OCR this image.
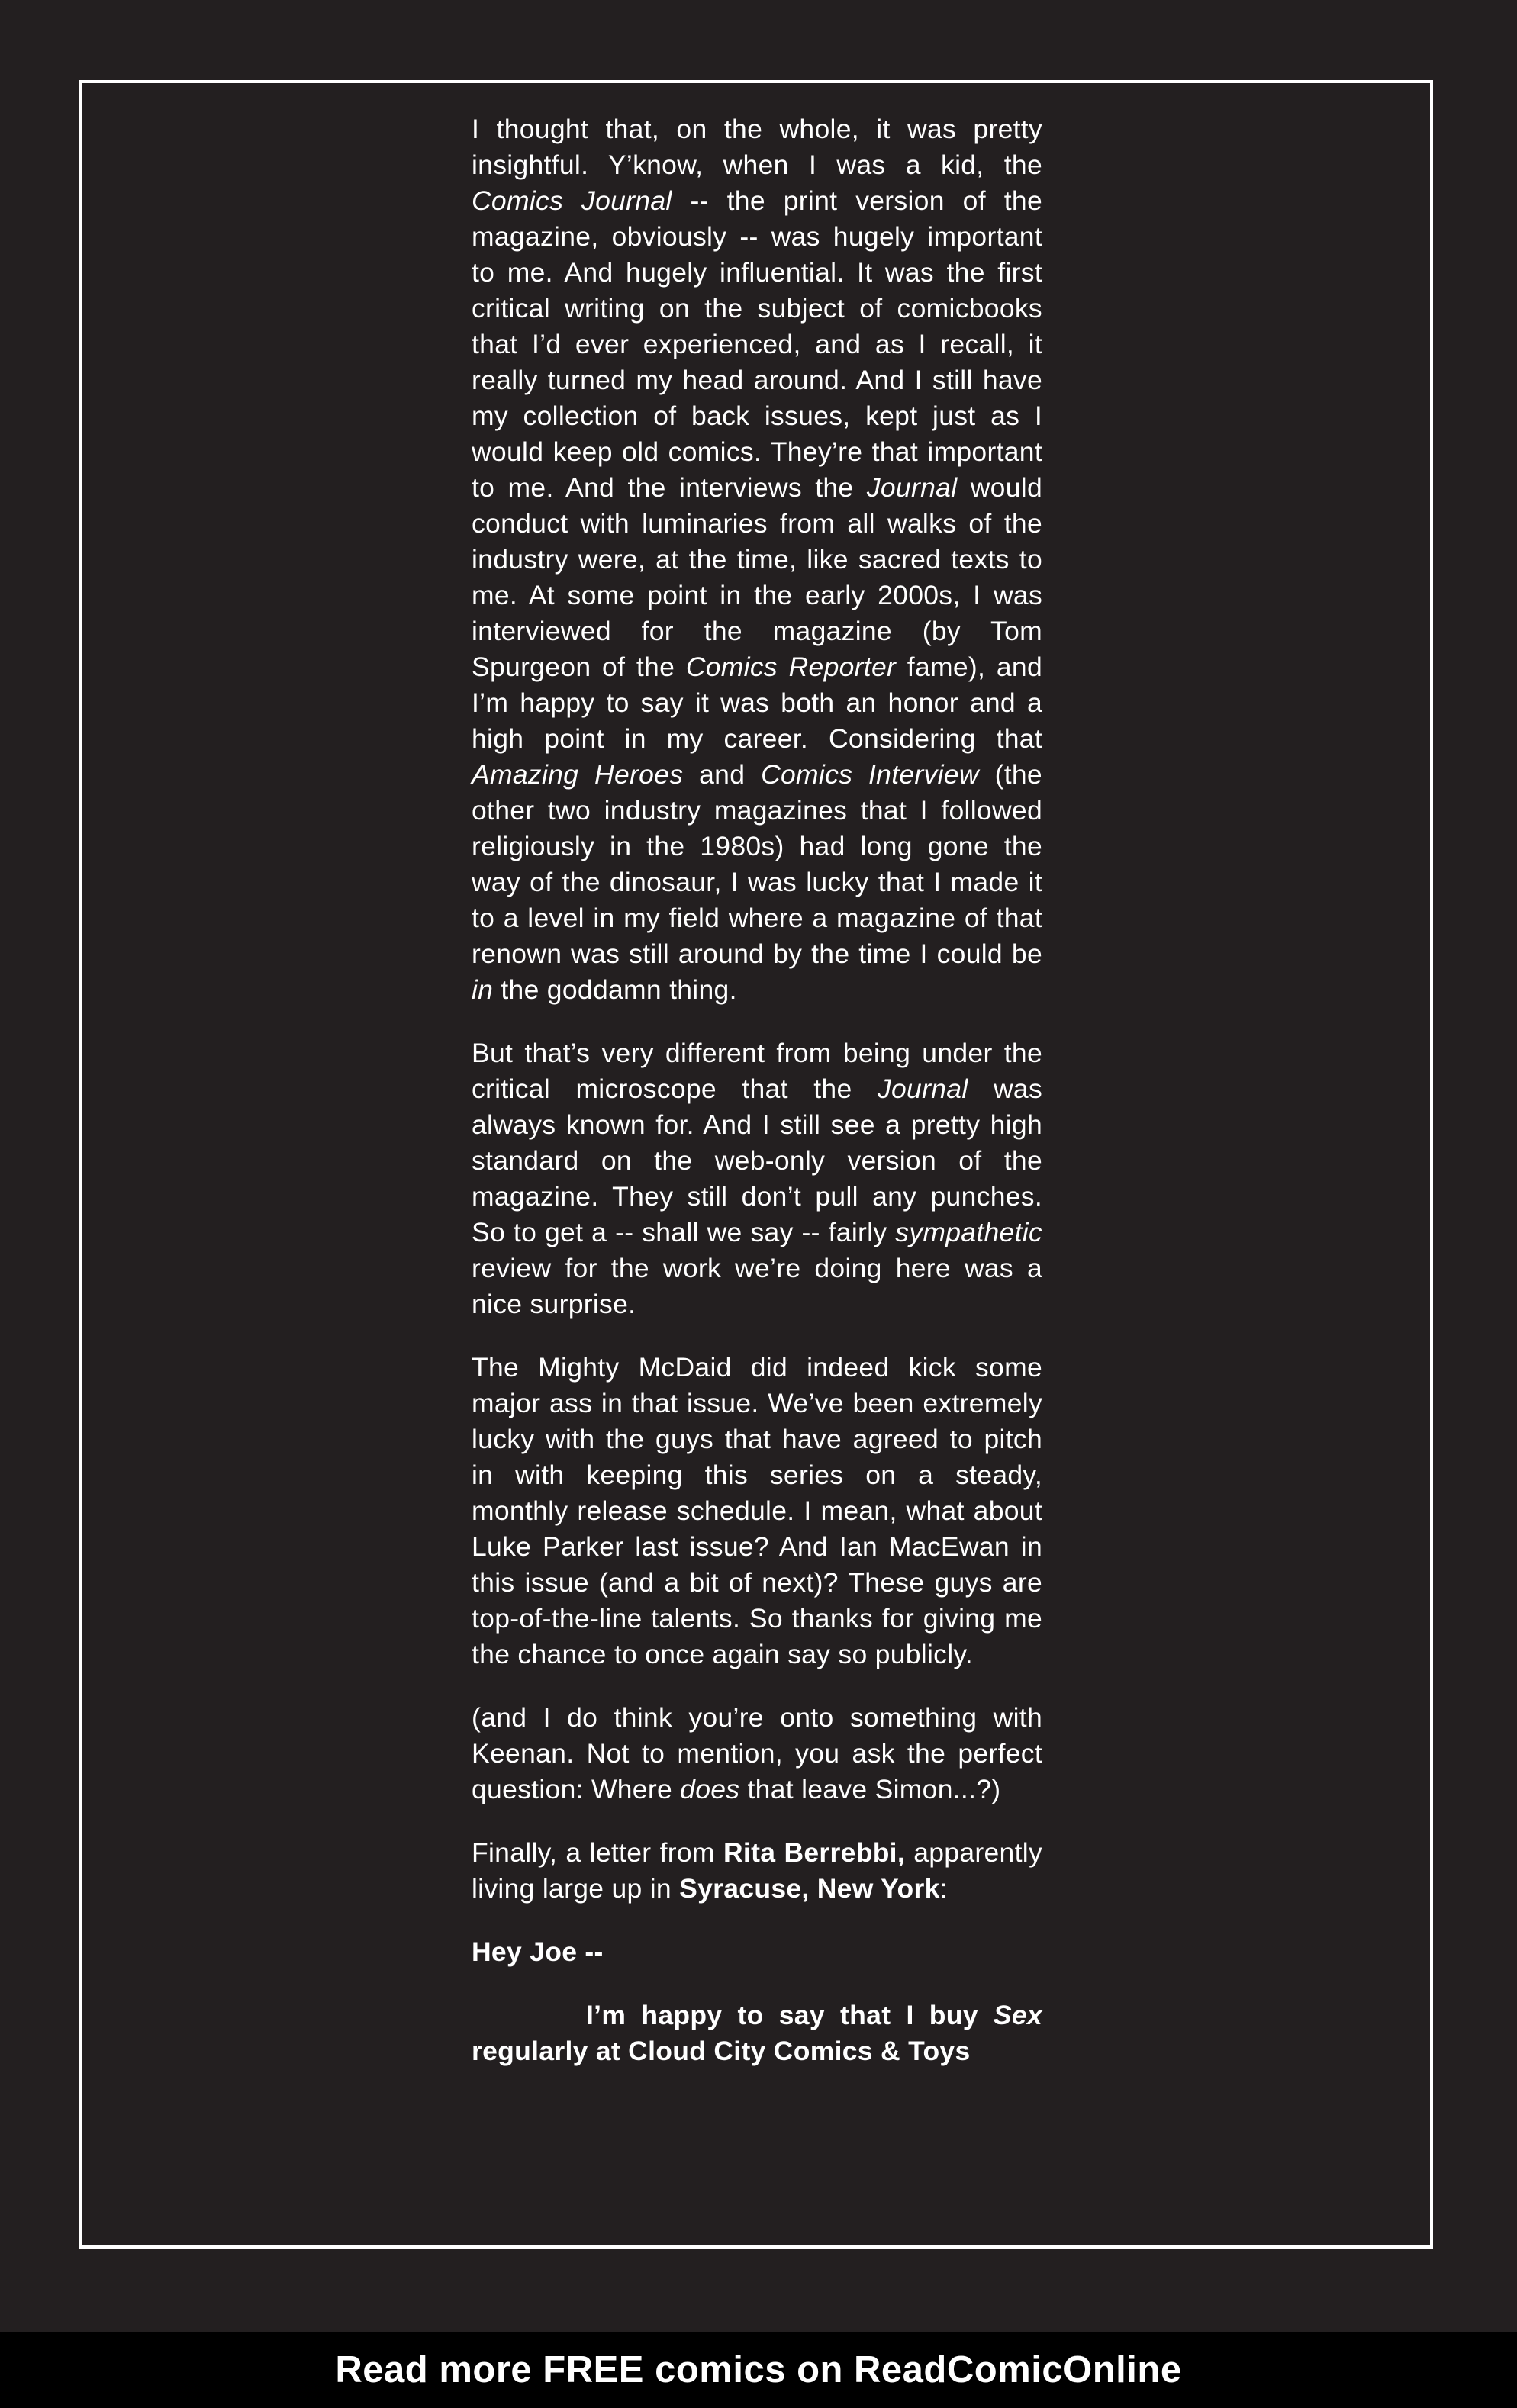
I thought that, on the whole, it was pretty insightful. Y’know, when I was a kid, the Comics Journal -- the print version of the magazine, obviously -- was hugely important to me. And hugely influential. It was the first critical writing on the subject of comicbooks that I’d ever experienced, and as I recall, it really turned my head around. And I still have my collection of back issues, kept just as I would keep old comics. They’re that important to me. And the interviews the Journal would conduct with luminaries from all walks of the industry were, at the time, like sacred texts to me. At some point in the early 2000s, I was interviewed for the magazine (by Tom Spurgeon of the Comics Reporter fame), and I’m happy to say it was both an honor and a high point in my career. Considering that Amazing Heroes and Comics Interview (the other two industry magazines that I followed religiously in the 1980s) had long gone the way of the dinosaur, I was lucky that I made it to a level in my field where a magazine of that renown was still around by the time I could be in the goddamn thing.

But that’s very different from being under the critical microscope that the Journal was always known for. And I still see a pretty high standard on the web-only version of the magazine. They still don’t pull any punches. So to get a -- shall we say -- fairly sympathetic review for the work we’re doing here was a nice surprise.

The Mighty McDaid did indeed kick some major ass in that issue. We’ve been extremely lucky with the guys that have agreed to pitch in with keeping this series on a steady, monthly release schedule. I mean, what about Luke Parker last issue? And Ian MacEwan in this issue (and a bit of next)? These guys are top-of-the-line talents. So thanks for giving me the chance to once again say so publicly.

(and I do think you’re onto something with Keenan. Not to mention, you ask the perfect question: Where does that leave Simon...?)

Finally, a letter from Rita Berrebbi, apparently living large up in Syracuse, New York:

Hey Joe --

I’m happy to say that I buy Sex regularly at Cloud City Comics & Toys

Read more FREE comics on ReadComicOnline
